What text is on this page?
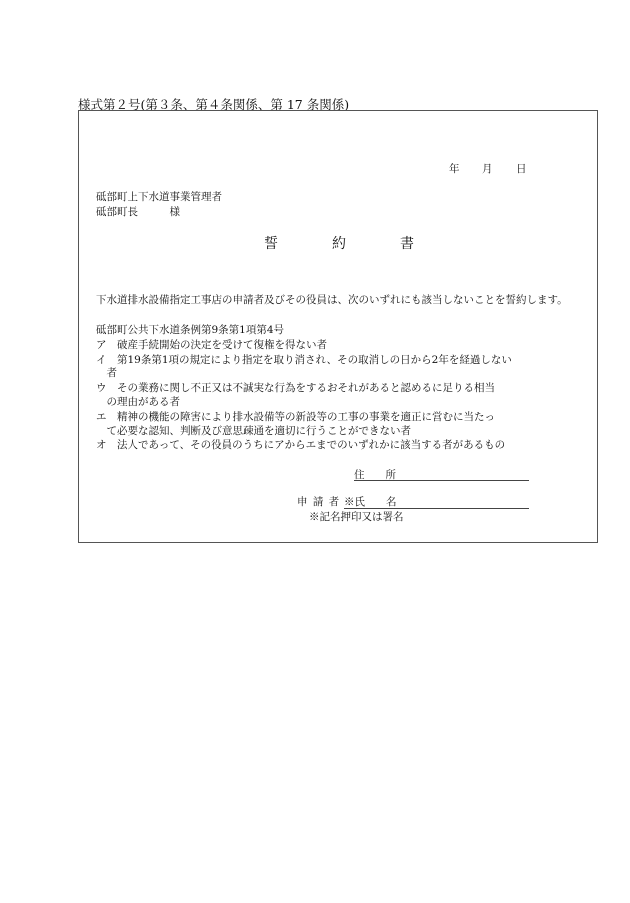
様式第２号(第３条、第４条関係、第 17 条関係)
年 月 日
砥部町上下水道事業管理者
砥部町長　　　様
誓約書
下水道排水設備指定工事店の申請者及びその役員は、次のいずれにも該当しないことを誓約します。
砥部町公共下水道条例第9条第1項第4号
ア　破産手続開始の決定を受けて復権を得ない者
イ　第19条第1項の規定により指定を取り消され、その取消しの日から2年を経過しない
　者
ウ　その業務に関し不正又は不誠実な行為をするおそれがあると認めるに足りる相当
　の理由がある者
エ　精神の機能の障害により排水設備等の新設等の工事の事業を適正に営むに当たっ
　て必要な認知、判断及び意思疎通を適切に行うことができない者
オ　法人であって、その役員のうちにアからエまでのいずれかに該当する者があるもの
住　　所
申 請 者 ※氏　　名
※記名押印又は署名
